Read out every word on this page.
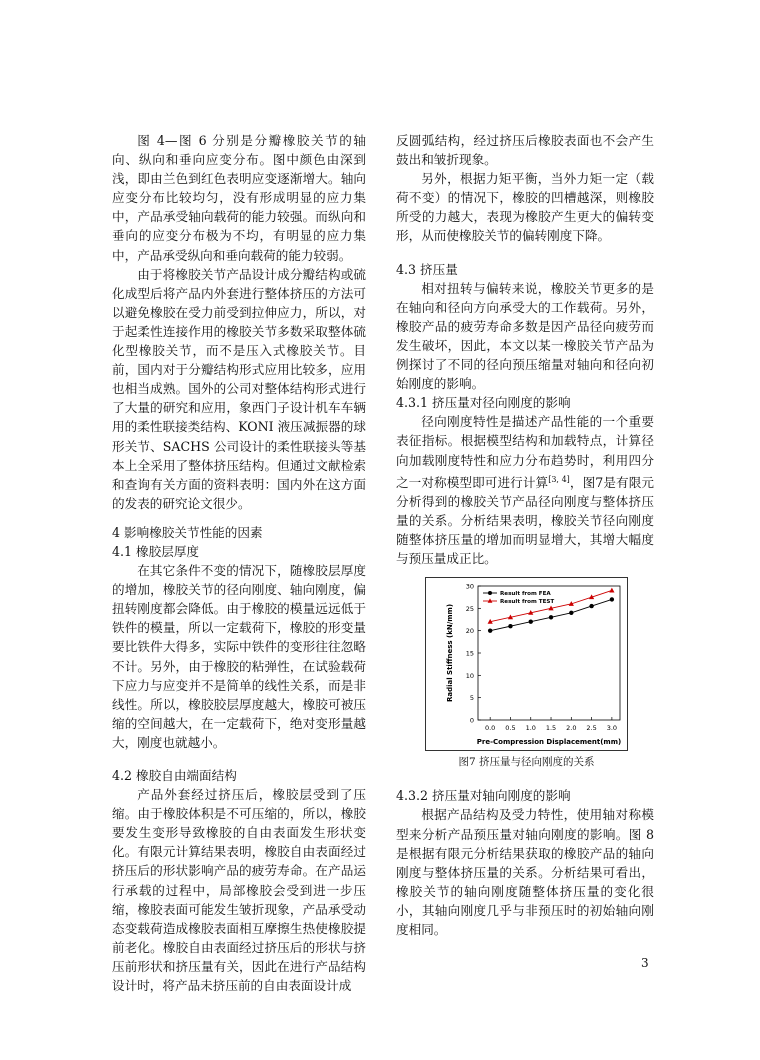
图 4—图 6 分别是分瓣橡胶关节的轴向、纵向和垂向应变分布。图中颜色由深到浅，即由兰色到红色表明应变逐渐增大。轴向应变分布比较均匀，没有形成明显的应力集中，产品承受轴向载荷的能力较强。而纵向和垂向的应变分布极为不均，有明显的应力集中，产品承受纵向和垂向载荷的能力较弱。

由于将橡胶关节产品设计成分瓣结构或硫化成型后将产品内外套进行整体挤压的方法可以避免橡胶在受力前受到拉伸应力，所以，对于起柔性连接作用的橡胶关节多数采取整体硫化型橡胶关节，而不是压入式橡胶关节。目前，国内对于分瓣结构形式应用比较多，应用也相当成熟。国外的公司对整体结构形式进行了大量的研究和应用，象西门子设计机车车辆用的柔性联接类结构、KONI 液压减振器的球形关节、SACHS 公司设计的柔性联接头等基本上全采用了整体挤压结构。但通过文献检索和查询有关方面的资料表明：国内外在这方面的发表的研究论文很少。

4 影响橡胶关节性能的因素

4.1 橡胶层厚度

在其它条件不变的情况下，随橡胶层厚度的增加，橡胶关节的径向刚度、轴向刚度，偏扭转刚度都会降低。由于橡胶的模量远远低于铁件的模量，所以一定载荷下，橡胶的形变量要比铁件大得多，实际中铁件的变形往往忽略不计。另外，由于橡胶的粘弹性，在试验载荷下应力与应变并不是简单的线性关系，而是非线性。所以，橡胶胶层厚度越大，橡胶可被压缩的空间越大，在一定载荷下，绝对变形量越大，刚度也就越小。

4.2 橡胶自由端面结构

产品外套经过挤压后，橡胶层受到了压缩。由于橡胶体积是不可压缩的，所以，橡胶要发生变形导致橡胶的自由表面发生形状变化。有限元计算结果表明，橡胶自由表面经过挤压后的形状影响产品的疲劳寿命。在产品运行承载的过程中，局部橡胶会受到进一步压缩，橡胶表面可能发生皱折现象，产品承受动态变载荷造成橡胶表面相互摩擦生热使橡胶提前老化。橡胶自由表面经过挤压后的形状与挤压前形状和挤压量有关，因此在进行产品结构设计时，将产品未挤压前的自由表面设计成

反圆弧结构，经过挤压后橡胶表面也不会产生鼓出和皱折现象。

另外，根据力矩平衡，当外力矩一定（载荷不变）的情况下，橡胶的凹槽越深，则橡胶所受的力越大，表现为橡胶产生更大的偏转变形，从而使橡胶关节的偏转刚度下降。

4.3 挤压量

相对扭转与偏转来说，橡胶关节更多的是在轴向和径向方向承受大的工作载荷。另外，橡胶产品的疲劳寿命多数是因产品径向疲劳而发生破坏，因此，本文以某一橡胶关节产品为例探讨了不同的径向预压缩量对轴向和径向初始刚度的影响。

4.3.1 挤压量对径向刚度的影响

径向刚度特性是描述产品性能的一个重要表征指标。根据模型结构和加载特点，计算径向加载刚度特性和应力分布趋势时，利用四分之一对称模型即可进行计算[3, 4]，图7是有限元分析得到的橡胶关节产品径向刚度与整体挤压量的关系。分析结果表明，橡胶关节径向刚度随整体挤压量的增加而明显增大，其增大幅度与预压量成正比。

0
5
10
15
20
25
30
0.0 0.5 1.0 1.5 2.0 2.5 3.0
Pre-Compression Displacement(mm)
Radial Stiffness (kN/mm)
Result from FEA
Result from TEST
图7 挤压量与径向刚度的关系

4.3.2 挤压量对轴向刚度的影响

根据产品结构及受力特性，使用轴对称模型来分析产品预压量对轴向刚度的影响。图 8 是根据有限元分析结果获取的橡胶产品的轴向刚度与整体挤压量的关系。分析结果可看出，橡胶关节的轴向刚度随整体挤压量的变化很小，其轴向刚度几乎与非预压时的初始轴向刚度相同。

3
